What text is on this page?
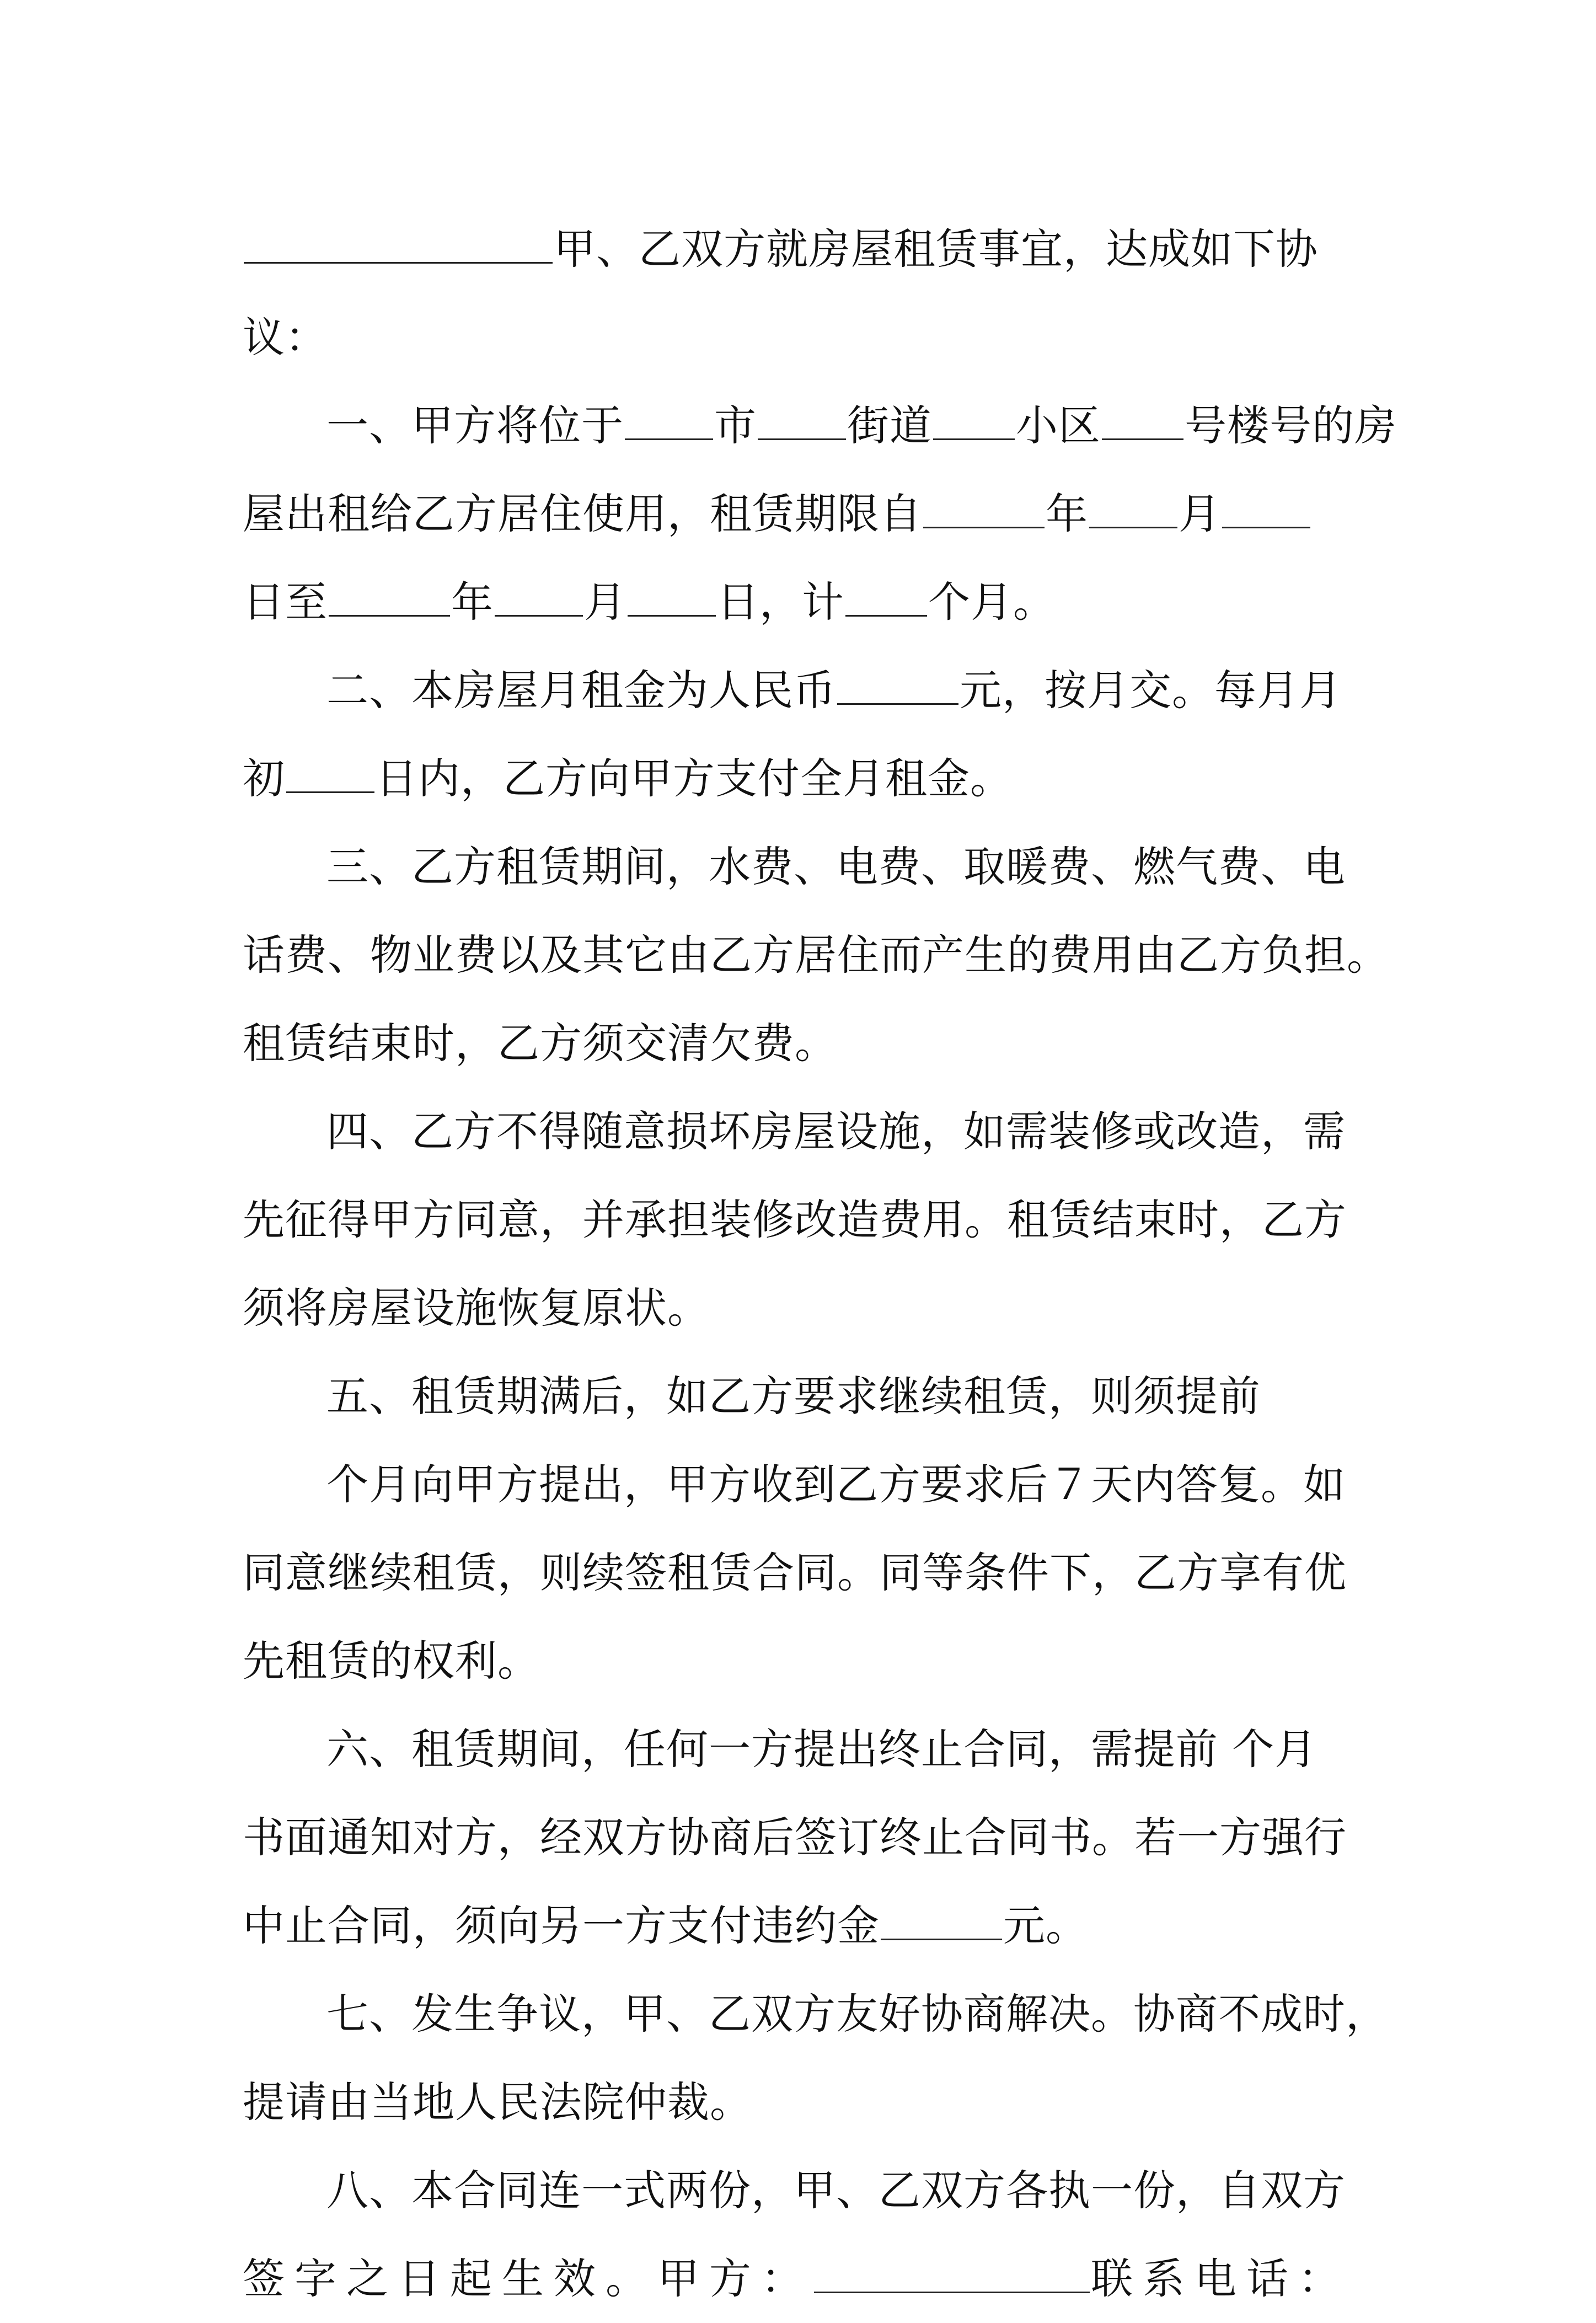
甲、乙双方就房屋租赁事宜，达成如下协
议：
一、甲方将位于 市 街道 小区 号楼号的房
屋出租给乙方居住使用，租赁期限自	年 月
日至	年 月 日，计 个月。
二、本房屋月租金为人民币	元，按月交。每月月
初 日内，乙方向甲方支付全月租金。
三、乙方租赁期间，水费、电费、取暖费、燃气费、电
话费、物业费以及其它由乙方居住而产生的费用由乙方负担。
租赁结束时，乙方须交清欠费。
四、乙方不得随意损坏房屋设施，如需装修或改造，需
先征得甲方同意，并承担装修改造费用。租赁结束时，乙方
须将房屋设施恢复原状。
五、租赁期满后，如乙方要求继续租赁，则须提前
个月向甲方提出，甲方收到乙方要求后７天内答复。如
同意继续租赁，则续签租赁合同。同等条件下，乙方享有优
先租赁的权利。
六、租赁期间，任何一方提出终止合同，需提前 个月
书面通知对方，经双方协商后签订终止合同书。若一方强行
中止合同，须向另一方支付违约金	元。
七、发生争议，甲、乙双方友好协商解决。协商不成时，
提请由当地人民法院仲裁。
八、本合同连一式两份，甲、乙双方各执一份，自双方
签字之日起生效。甲方：	联系电话：
